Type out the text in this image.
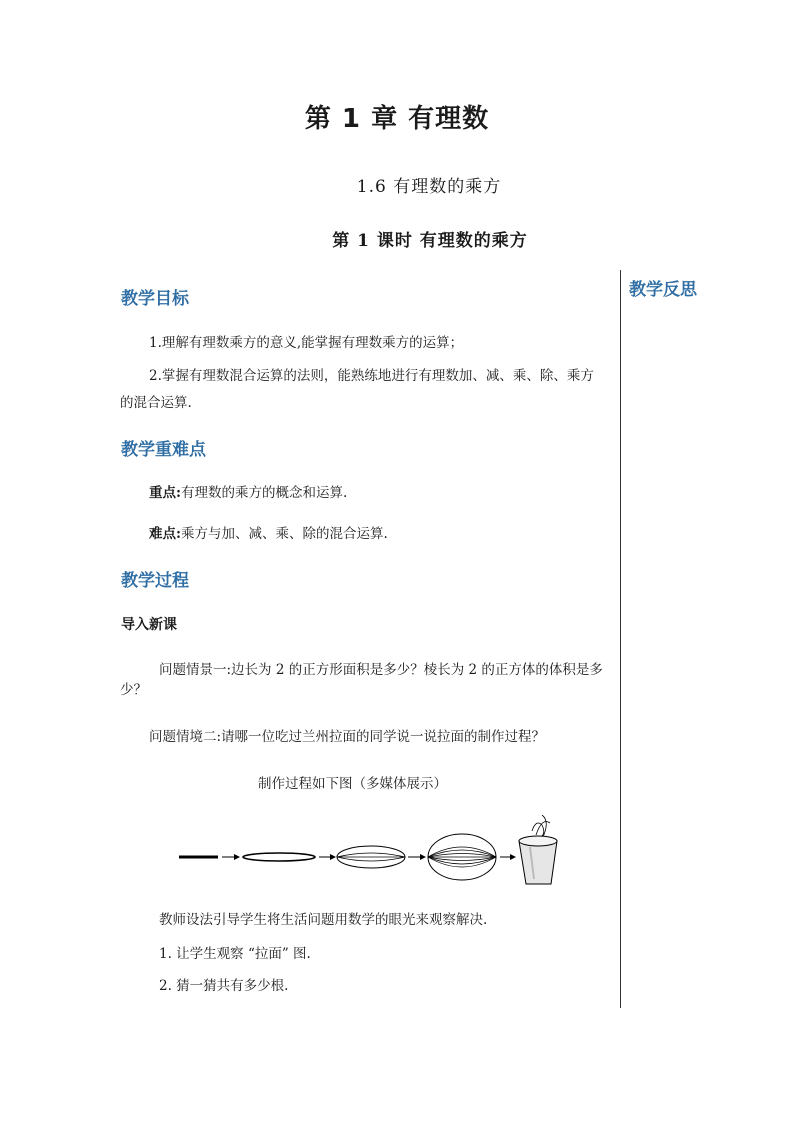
第 1 章 有理数
1.6 有理数的乘方
第 1 课时 有理数的乘方
教学反思
教学目标
1.理解有理数乘方的意义,能掌握有理数乘方的运算；
2.掌握有理数混合运算的法则，能熟练地进行有理数加、减、乘、除、乘方
的混合运算.
教学重难点
重点:有理数的乘方的概念和运算.
难点:乘方与加、减、乘、除的混合运算.
教学过程
导入新课
问题情景一:边长为 2 的正方形面积是多少？棱长为 2 的正方体的体积是多
少？
问题情境二:请哪一位吃过兰州拉面的同学说一说拉面的制作过程？
制作过程如下图（多媒体展示）
教师设法引导学生将生活问题用数学的眼光来观察解决.
1. 让学生观察 “拉面” 图.
2. 猜一猜共有多少根.
